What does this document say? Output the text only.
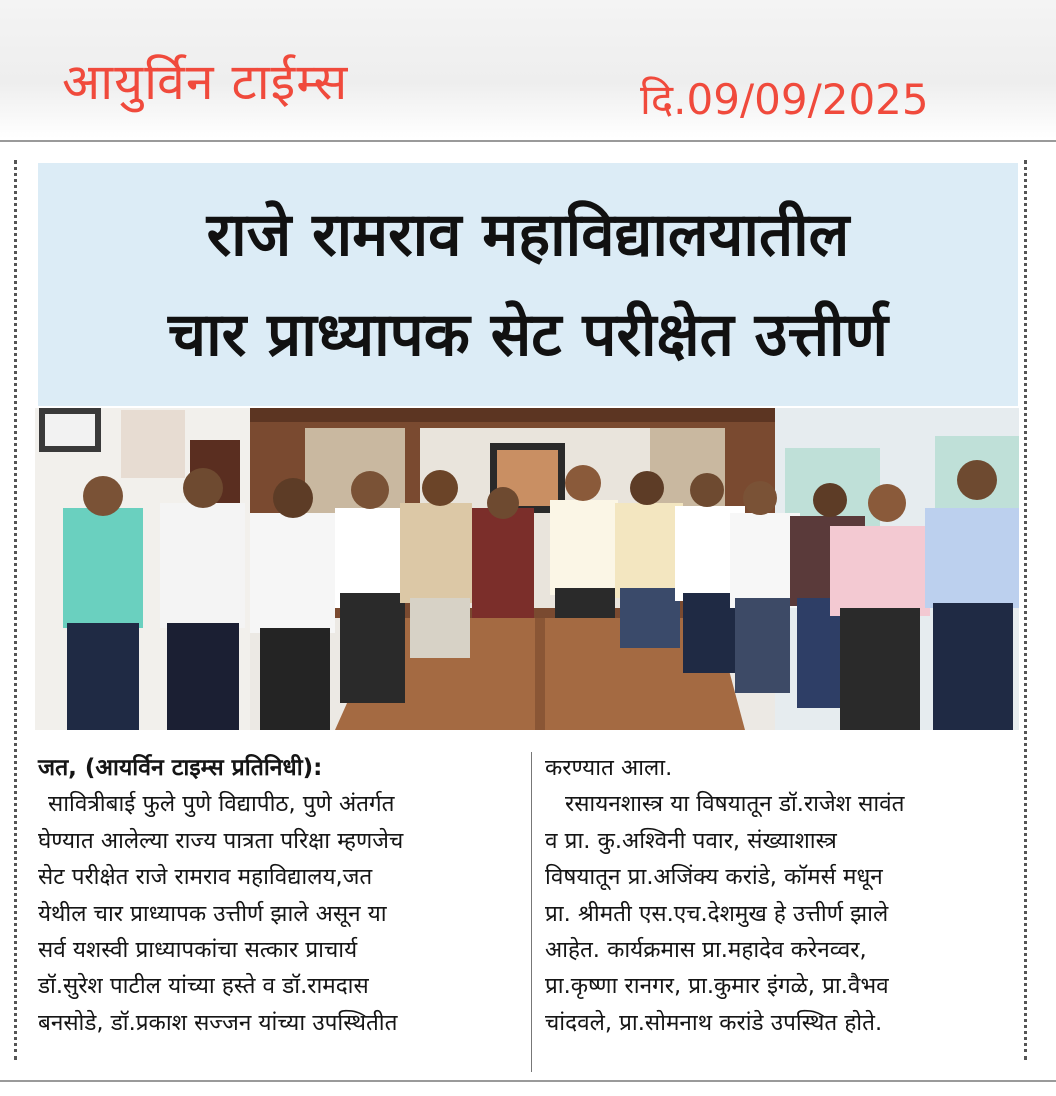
आयुर्विन टाईम्स	दि.09/09/2025
राजे रामराव महाविद्यालयातील
चार प्राध्यापक सेट परीक्षेत उत्तीर्ण
जत, (आयर्विन टाइम्स प्रतिनिधी):
सावित्रीबाई फुले पुणे विद्यापीठ, पुणे अंतर्गत
घेण्यात आलेल्या राज्य पात्रता परिक्षा म्हणजेच
सेट परीक्षेत राजे रामराव महाविद्यालय,जत
येथील चार प्राध्यापक उत्तीर्ण झाले असून या
सर्व यशस्वी प्राध्यापकांचा सत्कार प्राचार्य
डॉ.सुरेश पाटील यांच्या हस्ते व डॉ.रामदास
बनसोडे, डॉ.प्रकाश सज्जन यांच्या उपस्थितीत
करण्यात आला.
रसायनशास्त्र या विषयातून डॉ.राजेश सावंत
व प्रा. कु.अश्विनी पवार, संख्याशास्त्र
विषयातून प्रा.अजिंक्य करांडे, कॉमर्स मधून
प्रा. श्रीमती एस.एच.देशमुख हे उत्तीर्ण झाले
आहेत. कार्यक्रमास प्रा.महादेव करेनव्वर,
प्रा.कृष्णा रानगर, प्रा.कुमार इंगळे, प्रा.वैभव
चांदवले, प्रा.सोमनाथ करांडे उपस्थित होते.
